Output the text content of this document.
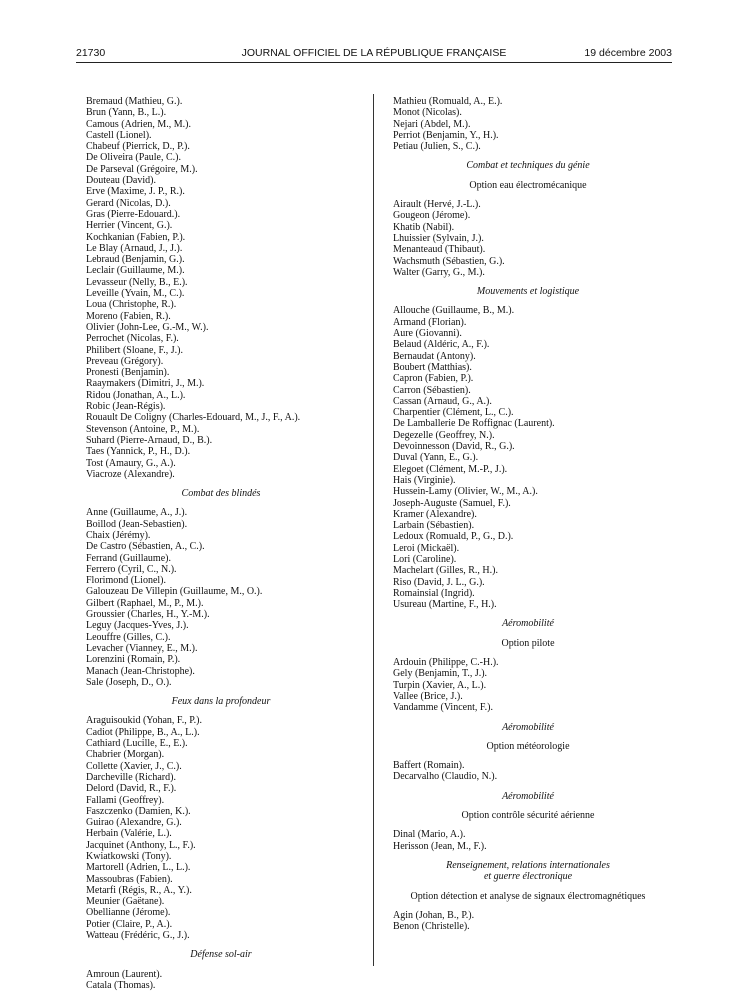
21730	JOURNAL OFFICIEL DE LA RÉPUBLIQUE FRANÇAISE	19 décembre 2003
Bremaud (Mathieu, G.).
Brun (Yann, B., L.).
Camous (Adrien, M., M.).
Castell (Lionel).
Chabeuf (Pierrick, D., P.).
De Oliveira (Paule, C.).
De Parseval (Grégoire, M.).
Douteau (David).
Erve (Maxime, J. P., R.).
Gerard (Nicolas, D.).
Gras (Pierre-Edouard.).
Herrier (Vincent, G.).
Kochkanian (Fabien, P.).
Le Blay (Arnaud, J., J.).
Lebraud (Benjamin, G.).
Leclair (Guillaume, M.).
Levasseur (Nelly, B., E.).
Leveille (Yvain, M., C.).
Loua (Christophe, R.).
Moreno (Fabien, R.).
Olivier (John-Lee, G.-M., W.).
Perrochet (Nicolas, F.).
Philibert (Sloane, F., J.).
Preveau (Grégory).
Pronesti (Benjamin).
Raaymakers (Dimitri, J., M.).
Ridou (Jonathan, A., L.).
Robic (Jean-Régis).
Rouault De Coligny (Charles-Edouard, M., J., F., A.).
Stevenson (Antoine, P., M.).
Suhard (Pierre-Arnaud, D., B.).
Taes (Yannick, P., H., D.).
Tost (Amaury, G., A.).
Viacroze (Alexandre).
Combat des blindés
Anne (Guillaume, A., J.).
Boillod (Jean-Sebastien).
Chaix (Jérémy).
De Castro (Sébastien, A., C.).
Ferrand (Guillaume).
Ferrero (Cyril, C., N.).
Florimond (Lionel).
Galouzeau De Villepin (Guillaume, M., O.).
Gilbert (Raphael, M., P., M.).
Groussier (Charles, H., Y.-M.).
Leguy (Jacques-Yves, J.).
Leouffre (Gilles, C.).
Levacher (Vianney, E., M.).
Lorenzini (Romain, P.).
Manach (Jean-Christophe).
Sale (Joseph, D., O.).
Feux dans la profondeur
Araguisoukid (Yohan, F., P.).
Cadiot (Philippe, B., A., L.).
Cathiard (Lucille, E., E.).
Chabrier (Morgan).
Collette (Xavier, J., C.).
Darcheville (Richard).
Delord (David, R., F.).
Fallami (Geoffrey).
Faszczenko (Damien, K.).
Guirao (Alexandre, G.).
Herbain (Valérie, L.).
Jacquinet (Anthony, L., F.).
Kwiatkowski (Tony).
Martorell (Adrien, L., L.).
Massoubras (Fabien).
Metarfi (Régis, R., A., Y.).
Meunier (Gaëtane).
Obellianne (Jérome).
Potier (Claire, P., A.).
Watteau (Frédéric, G., J.).
Défense sol-air
Amroun (Laurent).
Catala (Thomas).
Mathieu (Romuald, A., E.).
Monot (Nicolas).
Nejari (Abdel, M.).
Perriot (Benjamin, Y., H.).
Petiau (Julien, S., C.).
Combat et techniques du génie
Option eau électromécanique
Airault (Hervé, J.-L.).
Gougeon (Jérome).
Khatib (Nabil).
Lhuissier (Sylvain, J.).
Menanteaud (Thibaut).
Wachsmuth (Sébastien, G.).
Walter (Garry, G., M.).
Mouvements et logistique
Allouche (Guillaume, B., M.).
Armand (Florian).
Aure (Giovanni).
Belaud (Aldéric, A., F.).
Bernaudat (Antony).
Boubert (Matthias).
Capron (Fabien, P.).
Carron (Sébastien).
Cassan (Arnaud, G., A.).
Charpentier (Clément, L., C.).
De Lamballerie De Roffignac (Laurent).
Degezelle (Geoffrey, N.).
Devoinnesson (David, R., G.).
Duval (Yann, E., G.).
Elegoet (Clément, M.-P., J.).
Hais (Virginie).
Hussein-Lamy (Olivier, W., M., A.).
Joseph-Auguste (Samuel, F.).
Kramer (Alexandre).
Larbain (Sébastien).
Ledoux (Romuald, P., G., D.).
Leroi (Mickaël).
Lori (Caroline).
Machelart (Gilles, R., H.).
Riso (David, J. L., G.).
Romainsial (Ingrid).
Usureau (Martine, F., H.).
Aéromobilité
Option pilote
Ardouin (Philippe, C.-H.).
Gely (Benjamin, T., J.).
Turpin (Xavier, A., L.).
Vallee (Brice, J.).
Vandamme (Vincent, F.).
Aéromobilité
Option météorologie
Baffert (Romain).
Decarvalho (Claudio, N.).
Aéromobilité
Option contrôle sécurité aérienne
Dinal (Mario, A.).
Herisson (Jean, M., F.).
Renseignement, relations internationales
et guerre électronique
Option détection et analyse de signaux électromagnétiques
Agin (Johan, B., P.).
Benon (Christelle).
